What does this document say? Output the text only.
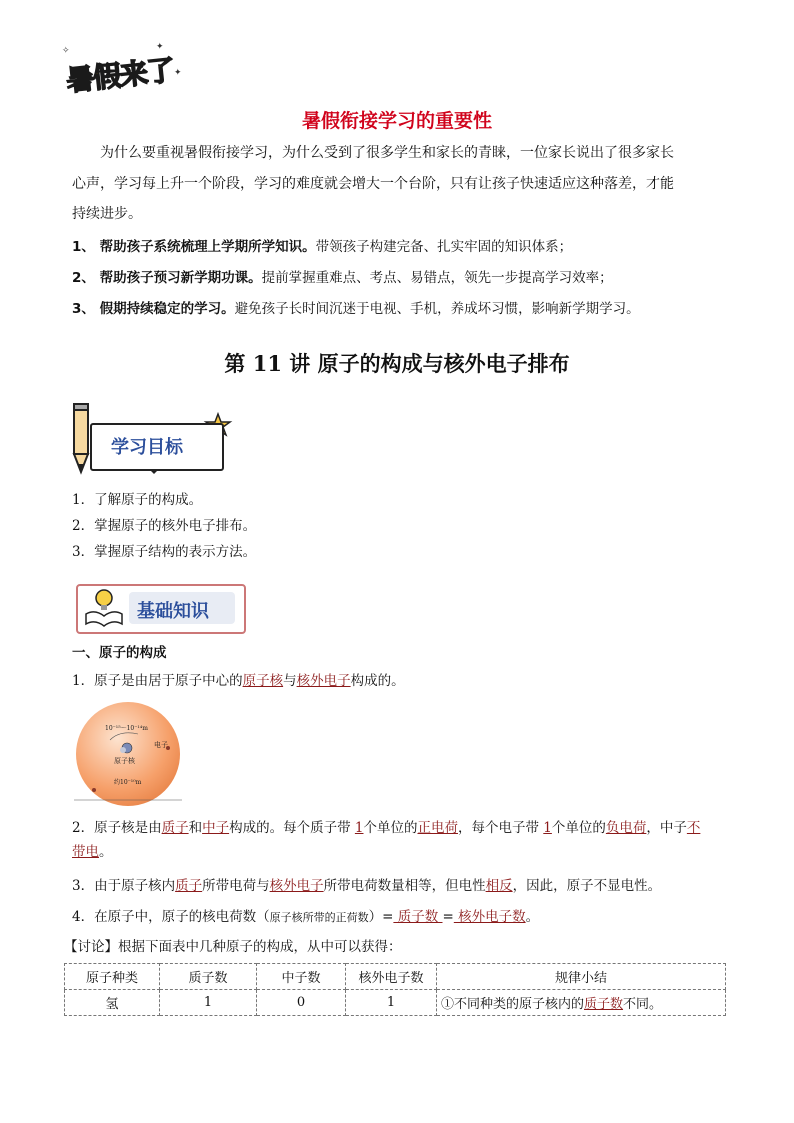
暑假来了
✦
✦
✧
暑假衔接学习的重要性
为什么要重视暑假衔接学习，为什么受到了很多学生和家长的青睐，一位家长说出了很多家长
心声，学习每上升一个阶段，学习的难度就会增大一个台阶，只有让孩子快速适应这种落差，才能
持续进步。
1、 帮助孩子系统梳理上学期所学知识。带领孩子构建完备、扎实牢固的知识体系；
2、 帮助孩子预习新学期功课。提前掌握重难点、考点、易错点，领先一步提高学习效率；
3、 假期持续稳定的学习。避免孩子长时间沉迷于电视、手机，养成坏习惯，影响新学期学习。
第 11 讲 原子的构成与核外电子排布
学习目标
1．了解原子的构成。
2．掌握原子的核外电子排布。
3．掌握原子结构的表示方法。
基础知识
一、原子的构成
1．原子是由居于原子中心的原子核与核外电子构成的。
10⁻¹⁵～10⁻¹⁴m
原子核
电子
约10⁻¹⁰m
2．原子核是由质子和中子构成的。每个质子带 1个单位的正电荷，每个电子带 1个单位的负电荷，中子不
带电。
3．由于原子核内质子所带电荷与核外电子所带电荷数量相等，但电性相反，因此，原子不显电性。
4．在原子中，原子的核电荷数（原子核所带的正荷数）= 质子数 = 核外电子数。
【讨论】根据下面表中几种原子的构成，从中可以获得：
原子种类	质子数	中子数	核外电子数	规律小结
氢	1	0	1	①不同种类的原子核内的质子数不同。
